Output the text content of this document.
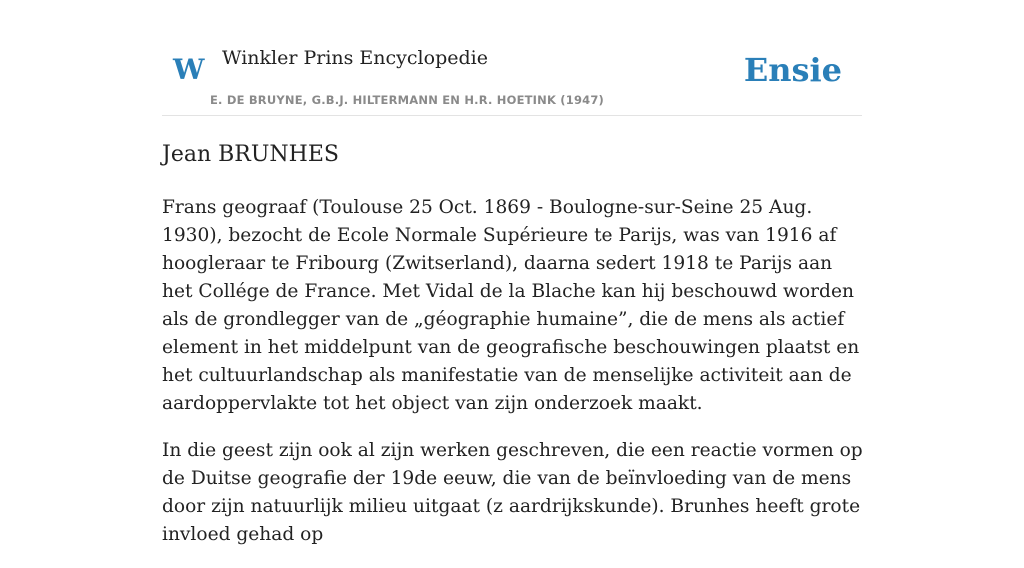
W Winkler Prins Encyclopedie
E. DE BRUYNE, G.B.J. HILTERMANN EN H.R. HOETINK (1947)
Ensie
Jean BRUNHES

Frans geograaf (Toulouse 25 Oct. 1869 - Boulogne-sur-Seine 25 Aug. 1930), bezocht de Ecole Normale Supérieure te Parijs, was van 1916 af hoogleraar te Fribourg (Zwitserland), daarna sedert 1918 te Parijs aan het Collége de France. Met Vidal de la Blache kan hij beschouwd worden als de grondlegger van de „géographie humaine”, die de mens als actief element in het middelpunt van de geografische beschouwingen plaatst en het cultuurlandschap als manifestatie van de menselijke activiteit aan de aardoppervlakte tot het object van zijn onderzoek maakt.

In die geest zijn ook al zijn werken geschreven, die een reactie vormen op de Duitse geografie der 19de eeuw, die van de beïnvloeding van de mens door zijn natuurlijk milieu uitgaat (z aardrijkskunde). Brunhes heeft grote invloed gehad op
